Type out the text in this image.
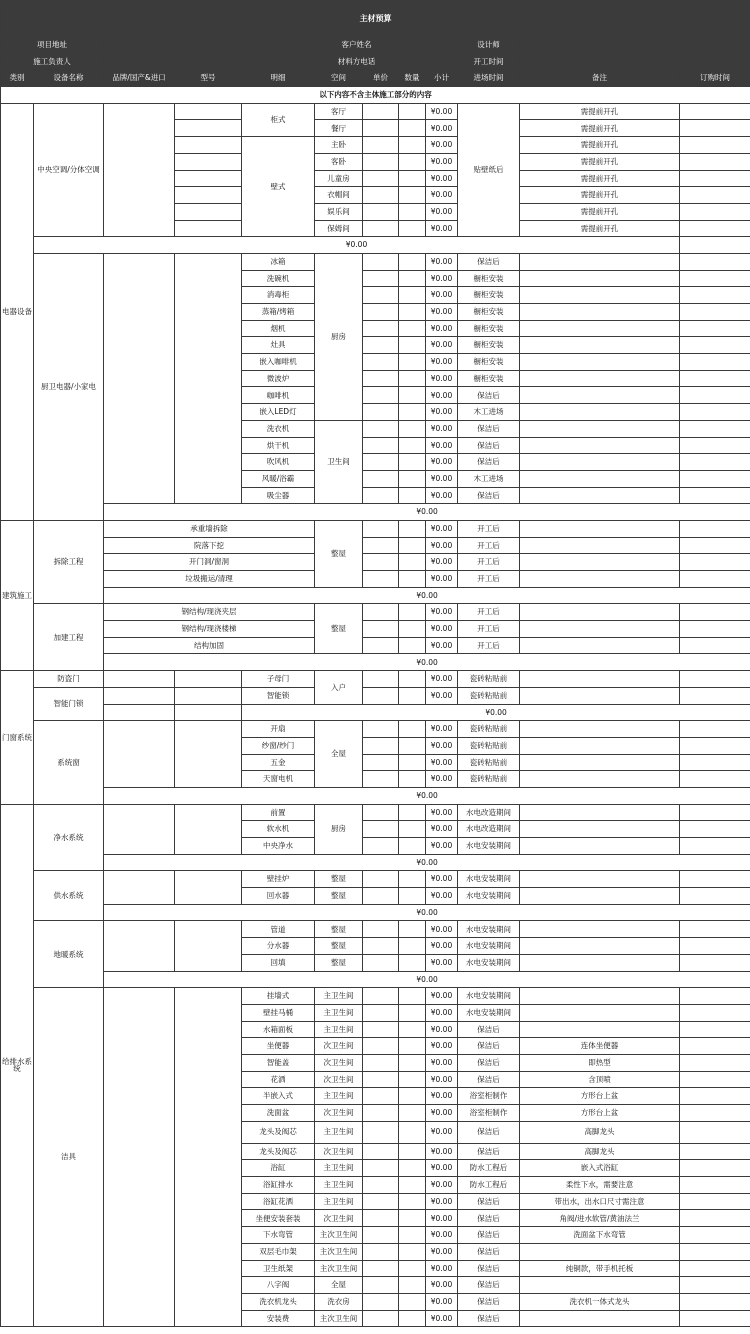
主材预算											
项目地址					客户姓名				设计师		
施工负责人					材料方电话				开工时间		
类别	设备名称	品牌/国产&进口	型号	明细	空间	单价	数量	小计	进场时间	备注	订购时间
以下内容不含主体施工部分的内容											
电器设备	中央空调/分体空调			柜式	客厅			¥0.00	贴壁纸后	需提前开孔	
					餐厅			¥0.00		需提前开孔	
				壁式	主卧			¥0.00		需提前开孔	
					客卧			¥0.00		需提前开孔	
					儿童房			¥0.00		需提前开孔	
					衣帽间			¥0.00		需提前开孔	
					娱乐间			¥0.00		需提前开孔	
					保姆间			¥0.00		需提前开孔	
	¥0.00										
	厨卫电器/小家电			冰箱	厨房			¥0.00	保洁后		
				洗碗机				¥0.00	橱柜安装		
				消毒柜				¥0.00	橱柜安装		
				蒸箱/烤箱				¥0.00	橱柜安装		
				烟机				¥0.00	橱柜安装		
				灶具				¥0.00	橱柜安装		
				嵌入咖啡机				¥0.00	橱柜安装		
				微波炉				¥0.00	橱柜安装		
				咖啡机				¥0.00	保洁后		
				嵌入LED灯				¥0.00	木工进场		
				洗衣机	卫生间			¥0.00	保洁后		
				烘干机				¥0.00	保洁后		
				吹风机				¥0.00	保洁后		
				风暖/浴霸				¥0.00	木工进场		
				吸尘器				¥0.00	保洁后		
		¥0.00									
建筑施工	拆除工程	承重墙拆除			整屋			¥0.00	开工后		
		院落下挖						¥0.00	开工后		
		开门洞/窗洞						¥0.00	开工后		
		垃圾搬运/清理						¥0.00	开工后		
		¥0.00									
	加建工程	钢结构/现浇夹层			整屋			¥0.00	开工后		
		钢结构/现浇楼梯						¥0.00	开工后		
		结构加固						¥0.00	开工后		
		¥0.00									
门窗系统	防盗门			子母门	入户			¥0.00	瓷砖粘贴前		
	智能门锁			智能锁				¥0.00	瓷砖粘贴前		
				¥0.00							
	系统窗			开扇	全屋			¥0.00	瓷砖粘贴前		
				纱窗/纱门				¥0.00	瓷砖粘贴前		
				五金				¥0.00	瓷砖粘贴前		
				天窗电机				¥0.00	瓷砖粘贴前		
		¥0.00									
给排水系统	净水系统			前置	厨房			¥0.00	水电改造期间		
				软水机				¥0.00	水电改造期间		
				中央净水				¥0.00	水电安装期间		
		¥0.00									
	供水系统			壁挂炉	整屋			¥0.00	水电安装期间		
				回水器	整屋			¥0.00	水电安装期间		
		¥0.00									
	地暖系统			管道	整屋			¥0.00	水电安装期间		
				分水器	整屋			¥0.00	水电安装期间		
				回填	整屋			¥0.00	水电安装期间		
		¥0.00									
	洁具			挂墙式	主卫生间			¥0.00	水电安装期间		
				壁挂马桶	主卫生间			¥0.00	水电安装期间		
				水箱面板	主卫生间			¥0.00	保洁后		
				坐便器	次卫生间			¥0.00	保洁后	连体坐便器	
				智能盖	次卫生间			¥0.00	保洁后	即热型	
				花洒	次卫生间			¥0.00	保洁后	含顶喷	
				半嵌入式	主卫生间			¥0.00	浴室柜制作	方形台上盆	
				洗面盆	次卫生间			¥0.00	浴室柜制作	方形台上盆	
				龙头及阀芯	主卫生间			¥0.00	保洁后	高脚龙头	
				龙头及阀芯	次卫生间			¥0.00	保洁后	高脚龙头	
				浴缸	主卫生间			¥0.00	防水工程后	嵌入式浴缸	
				浴缸排水	主卫生间			¥0.00	防水工程后	柔性下水，需要注意	
				浴缸花洒	主卫生间			¥0.00	保洁后	带出水，出水口尺寸需注意	
				坐便安装套装	次卫生间			¥0.00	保洁后	角阀/进水软管/黄油法兰	
				下水弯管	主次卫生间			¥0.00	保洁后	洗面盆下水弯管	
				双层毛巾架	主次卫生间			¥0.00	保洁后		
				卫生纸架	主次卫生间			¥0.00	保洁后	纯铜款，带手机托板	
				八字阀	全屋			¥0.00	保洁后		
				洗衣机龙头	洗衣房			¥0.00	保洁后	洗衣机一体式龙头	
				安装费	主次卫生间			¥0.00	保洁后		
